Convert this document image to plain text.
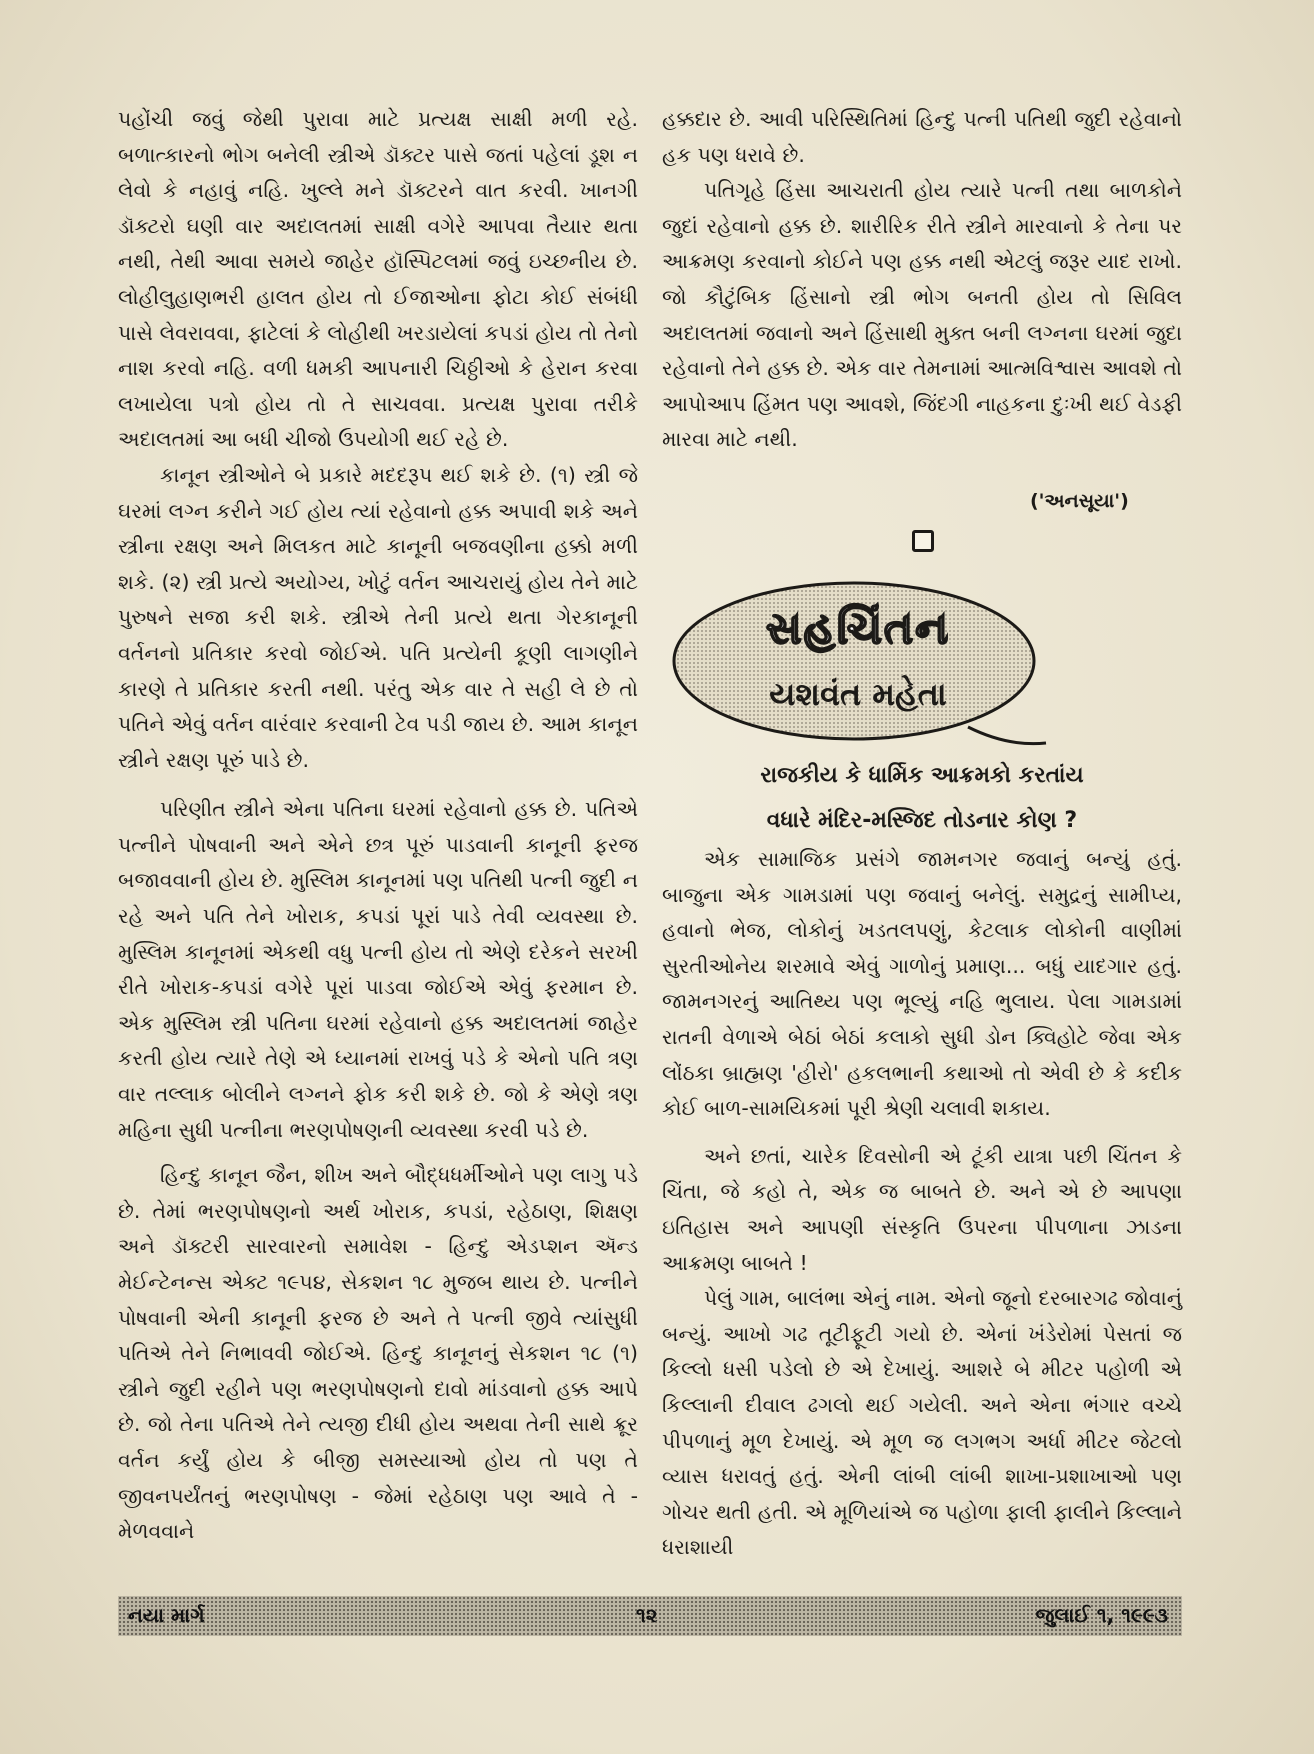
પહોંચી જવું જેથી પુરાવા માટે પ્રત્યક્ષ સાક્ષી મળી રહે. બળાત્કારનો ભોગ બનેલી સ્ત્રીએ ડૉક્ટર પાસે જતાં પહેલાં ડૂશ ન લેવો કે નહાવું નહિ. ખુલ્લે મને ડૉક્ટરને વાત કરવી. ખાનગી ડૉક્ટરો ઘણી વાર અદાલતમાં સાક્ષી વગેરે આપવા તૈયાર થતા નથી, તેથી આવા સમયે જાહેર હૉસ્પિટલમાં જવું ઇચ્છનીય છે. લોહીલુહાણભરી હાલત હોય તો ઈજાઓના ફોટા કોઈ સંબંધી પાસે લેવરાવવા, ફાટેલાં કે લોહીથી ખરડાયેલાં કપડાં હોય તો તેનો નાશ કરવો નહિ. વળી ધમકી આપનારી ચિઠ્ઠીઓ કે હેરાન કરવા લખાયેલા પત્રો હોય તો તે સાચવવા. પ્રત્યક્ષ પુરાવા તરીકે અદાલતમાં આ બધી ચીજો ઉપયોગી થઈ રહે છે.

કાનૂન સ્ત્રીઓને બે પ્રકારે મદદરૂપ થઈ શકે છે. (૧) સ્ત્રી જે ઘરમાં લગ્ન કરીને ગઈ હોય ત્યાં રહેવાનો હક્ક અપાવી શકે અને સ્ત્રીના રક્ષણ અને મિલકત માટે કાનૂની બજવણીના હક્કો મળી શકે. (૨) સ્ત્રી પ્રત્યે અયોગ્ય, ખોટું વર્તન આચરાયું હોય તેને માટે પુરુષને સજા કરી શકે. સ્ત્રીએ તેની પ્રત્યે થતા ગેરકાનૂની વર્તનનો પ્રતિકાર કરવો જોઈએ. પતિ પ્રત્યેની કૂણી લાગણીને કારણે તે પ્રતિકાર કરતી નથી. પરંતુ એક વાર તે સહી લે છે તો પતિને એવું વર્તન વારંવાર કરવાની ટેવ પડી જાય છે. આમ કાનૂન સ્ત્રીને રક્ષણ પૂરું પાડે છે.

પરિણીત સ્ત્રીને એના પતિના ઘરમાં રહેવાનો હક્ક છે. પતિએ પત્નીને પોષવાની અને એને છત્ર પૂરું પાડવાની કાનૂની ફરજ બજાવવાની હોય છે. મુસ્લિમ કાનૂનમાં પણ પતિથી પત્ની જુદી ન રહે અને પતિ તેને ખોરાક, કપડાં પૂરાં પાડે તેવી વ્યવસ્થા છે. મુસ્લિમ કાનૂનમાં એકથી વધુ પત્ની હોય તો એણે દરેકને સરખી રીતે ખોરાક-કપડાં વગેરે પૂરાં પાડવા જોઈએ એવું ફરમાન છે. એક મુસ્લિમ સ્ત્રી પતિના ઘરમાં રહેવાનો હક્ક અદાલતમાં જાહેર કરતી હોય ત્યારે તેણે એ ધ્યાનમાં રાખવું પડે કે એનો પતિ ત્રણ વાર તલ્લાક બોલીને લગ્નને ફોક કરી શકે છે. જો કે એણે ત્રણ મહિના સુધી પત્નીના ભરણપોષણની વ્યવસ્થા કરવી પડે છે.

હિન્દુ કાનૂન જૈન, શીખ અને બૌદ્ધધર્મીઓને પણ લાગુ પડે છે. તેમાં ભરણપોષણનો અર્થ ખોરાક, કપડાં, રહેઠાણ, શિક્ષણ અને ડૉક્ટરી સારવારનો સમાવેશ - હિન્દુ એડપ્શન ઍન્ડ મેઈન્ટેનન્સ એક્ટ ૧૯૫૪, સેકશન ૧૮ મુજબ થાય છે. પત્નીને પોષવાની એની કાનૂની ફરજ છે અને તે પત્ની જીવે ત્યાંસુધી પતિએ તેને નિભાવવી જોઈએ. હિન્દુ કાનૂનનું સેકશન ૧૮ (૧) સ્ત્રીને જુદી રહીને પણ ભરણપોષણનો દાવો માંડવાનો હક્ક આપે છે. જો તેના પતિએ તેને ત્યજી દીધી હોય અથવા તેની સાથે ક્રૂર વર્તન કર્યું હોય કે બીજી સમસ્યાઓ હોય તો પણ તે જીવનપર્યંતનું ભરણપોષણ - જેમાં રહેઠાણ પણ આવે તે - મેળવવાને

હક્કદાર છે. આવી પરિસ્થિતિમાં હિન્દુ પત્ની પતિથી જુદી રહેવાનો હક પણ ધરાવે છે.

પતિગૃહે હિંસા આચરાતી હોય ત્યારે પત્ની તથા બાળકોને જુદાં રહેવાનો હક્ક છે. શારીરિક રીતે સ્ત્રીને મારવાનો કે તેના પર આક્રમણ કરવાનો કોઈને પણ હક્ક નથી એટલું જરૂર યાદ રાખો. જો કૌટુંબિક હિંસાનો સ્ત્રી ભોગ બનતી હોય તો સિવિલ અદાલતમાં જવાનો અને હિંસાથી મુક્ત બની લગ્નના ઘરમાં જુદા રહેવાનો તેને હક્ક છે. એક વાર તેમનામાં આત્મવિશ્વાસ આવશે તો આપોઆપ હિંમત પણ આવશે, જિંદગી નાહકના દુઃખી થઈ વેડફી મારવા માટે નથી.

('અનસૂયા')
સહચિંતન
યશવંત મહેતા
રાજકીય કે ધાર્મિક આક્રમકો કરતાંય
વધારે મંદિર-મસ્જિદ તોડનાર કોણ ?

એક સામાજિક પ્રસંગે જામનગર જવાનું બન્યું હતું. બાજુના એક ગામડામાં પણ જવાનું બનેલું. સમુદ્રનું સામીપ્ય, હવાનો ભેજ, લોકોનું ખડતલપણું, કેટલાક લોકોની વાણીમાં સુરતીઓનેય શરમાવે એવું ગાળોનું પ્રમાણ... બધું યાદગાર હતું. જામનગરનું આતિથ્ય પણ ભૂલ્યું નહિ ભુલાય. પેલા ગામડામાં રાતની વેળાએ બેઠાં બેઠાં કલાકો સુધી ડોન ક્વિહોટે જેવા એક લોંઠકા બ્રાહ્મણ 'હીરો' હકલભાની કથાઓ તો એવી છે કે કદીક કોઈ બાળ-સામયિકમાં પૂરી શ્રેણી ચલાવી શકાય.

અને છતાં, ચારેક દિવસોની એ ટૂંકી યાત્રા પછી ચિંતન કે ચિંતા, જે કહો તે, એક જ બાબતે છે. અને એ છે આપણા ઇતિહાસ અને આપણી સંસ્કૃતિ ઉપરના પીપળાના ઝાડના આક્રમણ બાબતે !

પેલું ગામ, બાલંભા એનું નામ. એનો જૂનો દરબારગઢ જોવાનું બન્યું. આખો ગઢ તૂટીફૂટી ગયો છે. એનાં ખંડેરોમાં પેસતાં જ કિલ્લો ધસી પડેલો છે એ દેખાયું. આશરે બે મીટર પહોળી એ કિલ્લાની દીવાલ ઢગલો થઈ ગયેલી. અને એના ભંગાર વચ્ચે પીપળાનું મૂળ દેખાયું. એ મૂળ જ લગભગ અર્ધા મીટર જેટલો વ્યાસ ધરાવતું હતું. એની લાંબી લાંબી શાખા-પ્રશાખાઓ પણ ગોચર થતી હતી. એ મૂળિયાંએ જ પહોળા ફાલી ફાલીને કિલ્લાને ધરાશાયી

નયા માર્ગ	૧૨	જુલાઈ ૧, ૧૯૯૩
